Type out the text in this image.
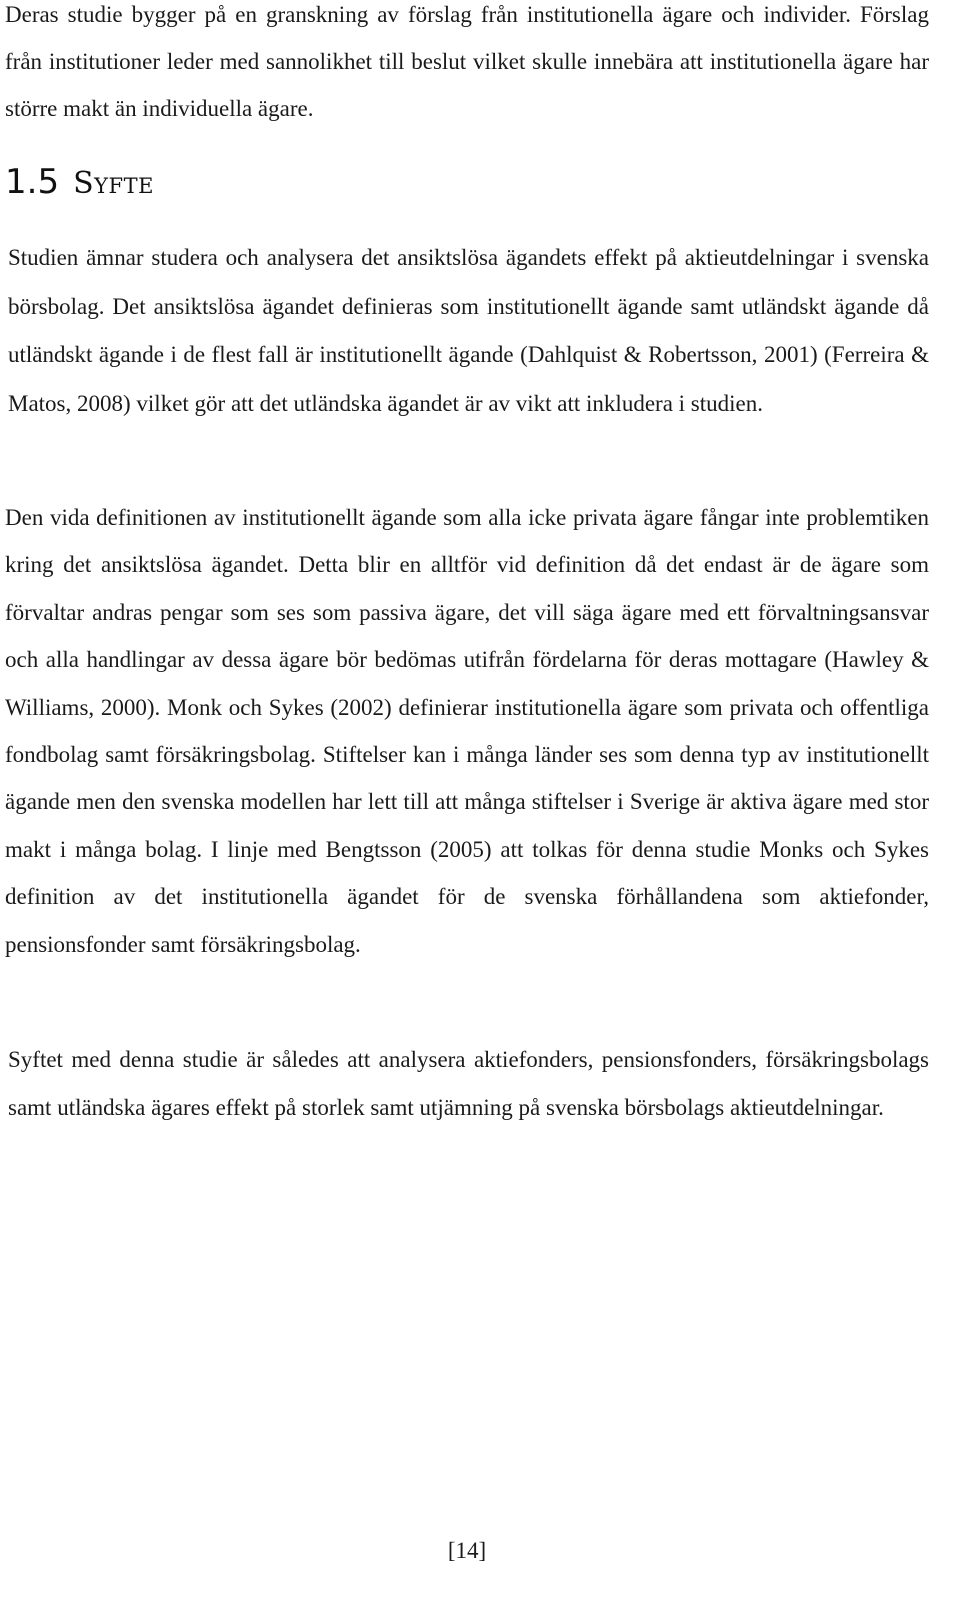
Deras studie bygger på en granskning av förslag från institutionella ägare och individer. Förslag från institutioner leder med sannolikhet till beslut vilket skulle innebära att institutionella ägare har större makt än individuella ägare.

1.5 Syfte

Studien ämnar studera och analysera det ansiktslösa ägandets effekt på aktieutdelningar i svenska börsbolag. Det ansiktslösa ägandet definieras som institutionellt ägande samt utländskt ägande då utländskt ägande i de flest fall är institutionellt ägande (Dahlquist & Robertsson, 2001) (Ferreira & Matos, 2008) vilket gör att det utländska ägandet är av vikt att inkludera i studien.

Den vida definitionen av institutionellt ägande som alla icke privata ägare fångar inte problemtiken kring det ansiktslösa ägandet. Detta blir en alltför vid definition då det endast är de ägare som förvaltar andras pengar som ses som passiva ägare, det vill säga ägare med ett förvaltningsansvar och alla handlingar av dessa ägare bör bedömas utifrån fördelarna för deras mottagare (Hawley & Williams, 2000). Monk och Sykes (2002) definierar institutionella ägare som privata och offentliga fondbolag samt försäkringsbolag. Stiftelser kan i många länder ses som denna typ av institutionellt ägande men den svenska modellen har lett till att många stiftelser i Sverige är aktiva ägare med stor makt i många bolag. I linje med Bengtsson (2005) att tolkas för denna studie Monks och Sykes definition av det institutionella ägandet för de svenska förhållandena som aktiefonder, pensionsfonder samt försäkringsbolag.

Syftet med denna studie är således att analysera aktiefonders, pensionsfonders, försäkringsbolags samt utländska ägares effekt på storlek samt utjämning på svenska börsbolags aktieutdelningar.

[14]
